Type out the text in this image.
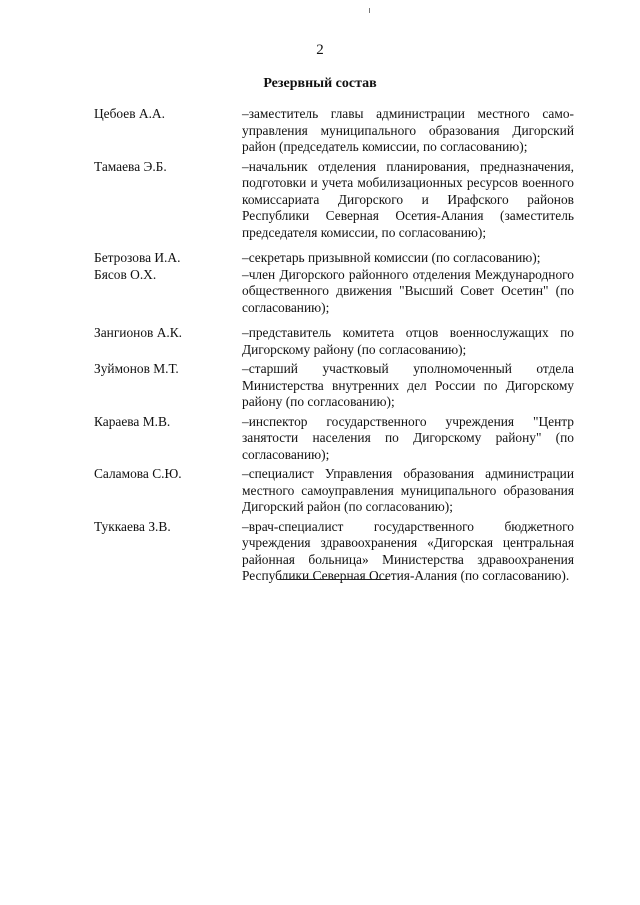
2
Резервный состав
Цебоев А.А.	–заместитель главы администрации местного само-управления муниципального образования Дигорский район (председатель комиссии, по согласованию);
Тамаева Э.Б.	–начальник отделения планирования, предназначения, подготовки и учета мобилизационных ресурсов военного комиссариата Дигорского и Ирафского районов Республики Северная Осетия-Алания (заместитель председателя комиссии, по согласованию);
Бетрозова И.А.	–секретарь призывной комиссии (по согласованию);
Бясов О.Х.	–член Дигорского районного отделения Международного общественного движения "Высший Совет Осетин" (по согласованию);
Зангионов А.К.	–представитель комитета отцов военнослужащих по Дигорскому району (по согласованию);
Зуймонов М.Т.	–старший участковый уполномоченный отдела Министерства внутренних дел России по Дигорскому району (по согласованию);
Караева М.В.	–инспектор государственного учреждения "Центр занятости населения по Дигорскому району" (по согласованию);
Саламова С.Ю.	–специалист Управления образования администрации местного самоуправления муниципального образования Дигорский район (по согласованию);
Туккаева З.В.	–врач-специалист государственного бюджетного учреждения здравоохранения «Дигорская центральная районная больница» Министерства здравоохранения Республики Северная Осетия-Алания (по согласованию).
